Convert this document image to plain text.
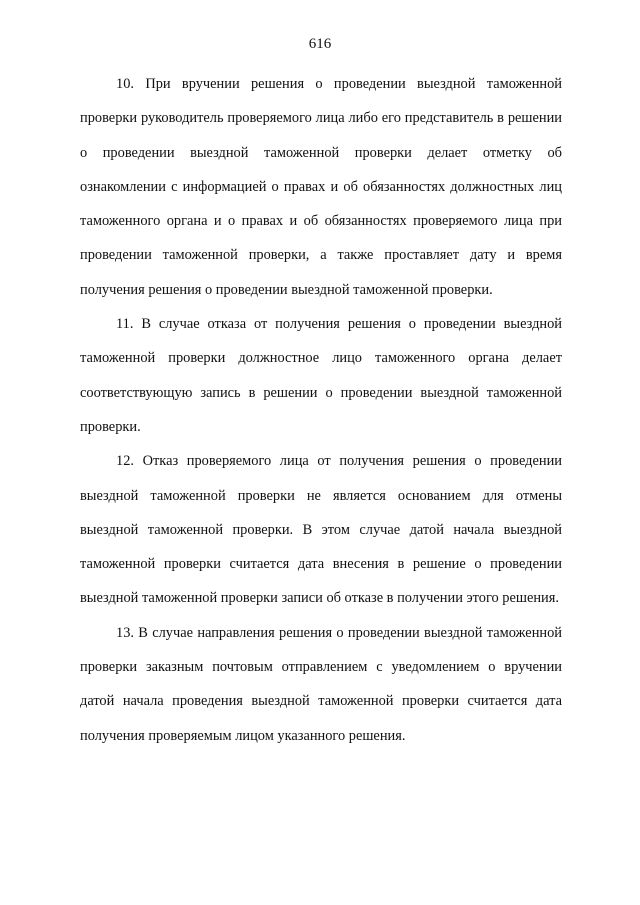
616

10. При вручении решения о проведении выездной таможенной проверки руководитель проверяемого лица либо его представитель в решении о проведении выездной таможенной проверки делает отметку об ознакомлении с информацией о правах и об обязанностях должностных лиц таможенного органа и о правах и об обязанностях проверяемого лица при проведении таможенной проверки, а также проставляет дату и время получения решения о проведении выездной таможенной проверки.

11. В случае отказа от получения решения о проведении выездной таможенной проверки должностное лицо таможенного органа делает соответствующую запись в решении о проведении выездной таможенной проверки.

12. Отказ проверяемого лица от получения решения о проведении выездной таможенной проверки не является основанием для отмены выездной таможенной проверки. В этом случае датой начала выездной таможенной проверки считается дата внесения в решение о проведении выездной таможенной проверки записи об отказе в получении этого решения.

13. В случае направления решения о проведении выездной таможенной проверки заказным почтовым отправлением с уведомлением о вручении датой начала проведения выездной таможенной проверки считается дата получения проверяемым лицом указанного решения.
